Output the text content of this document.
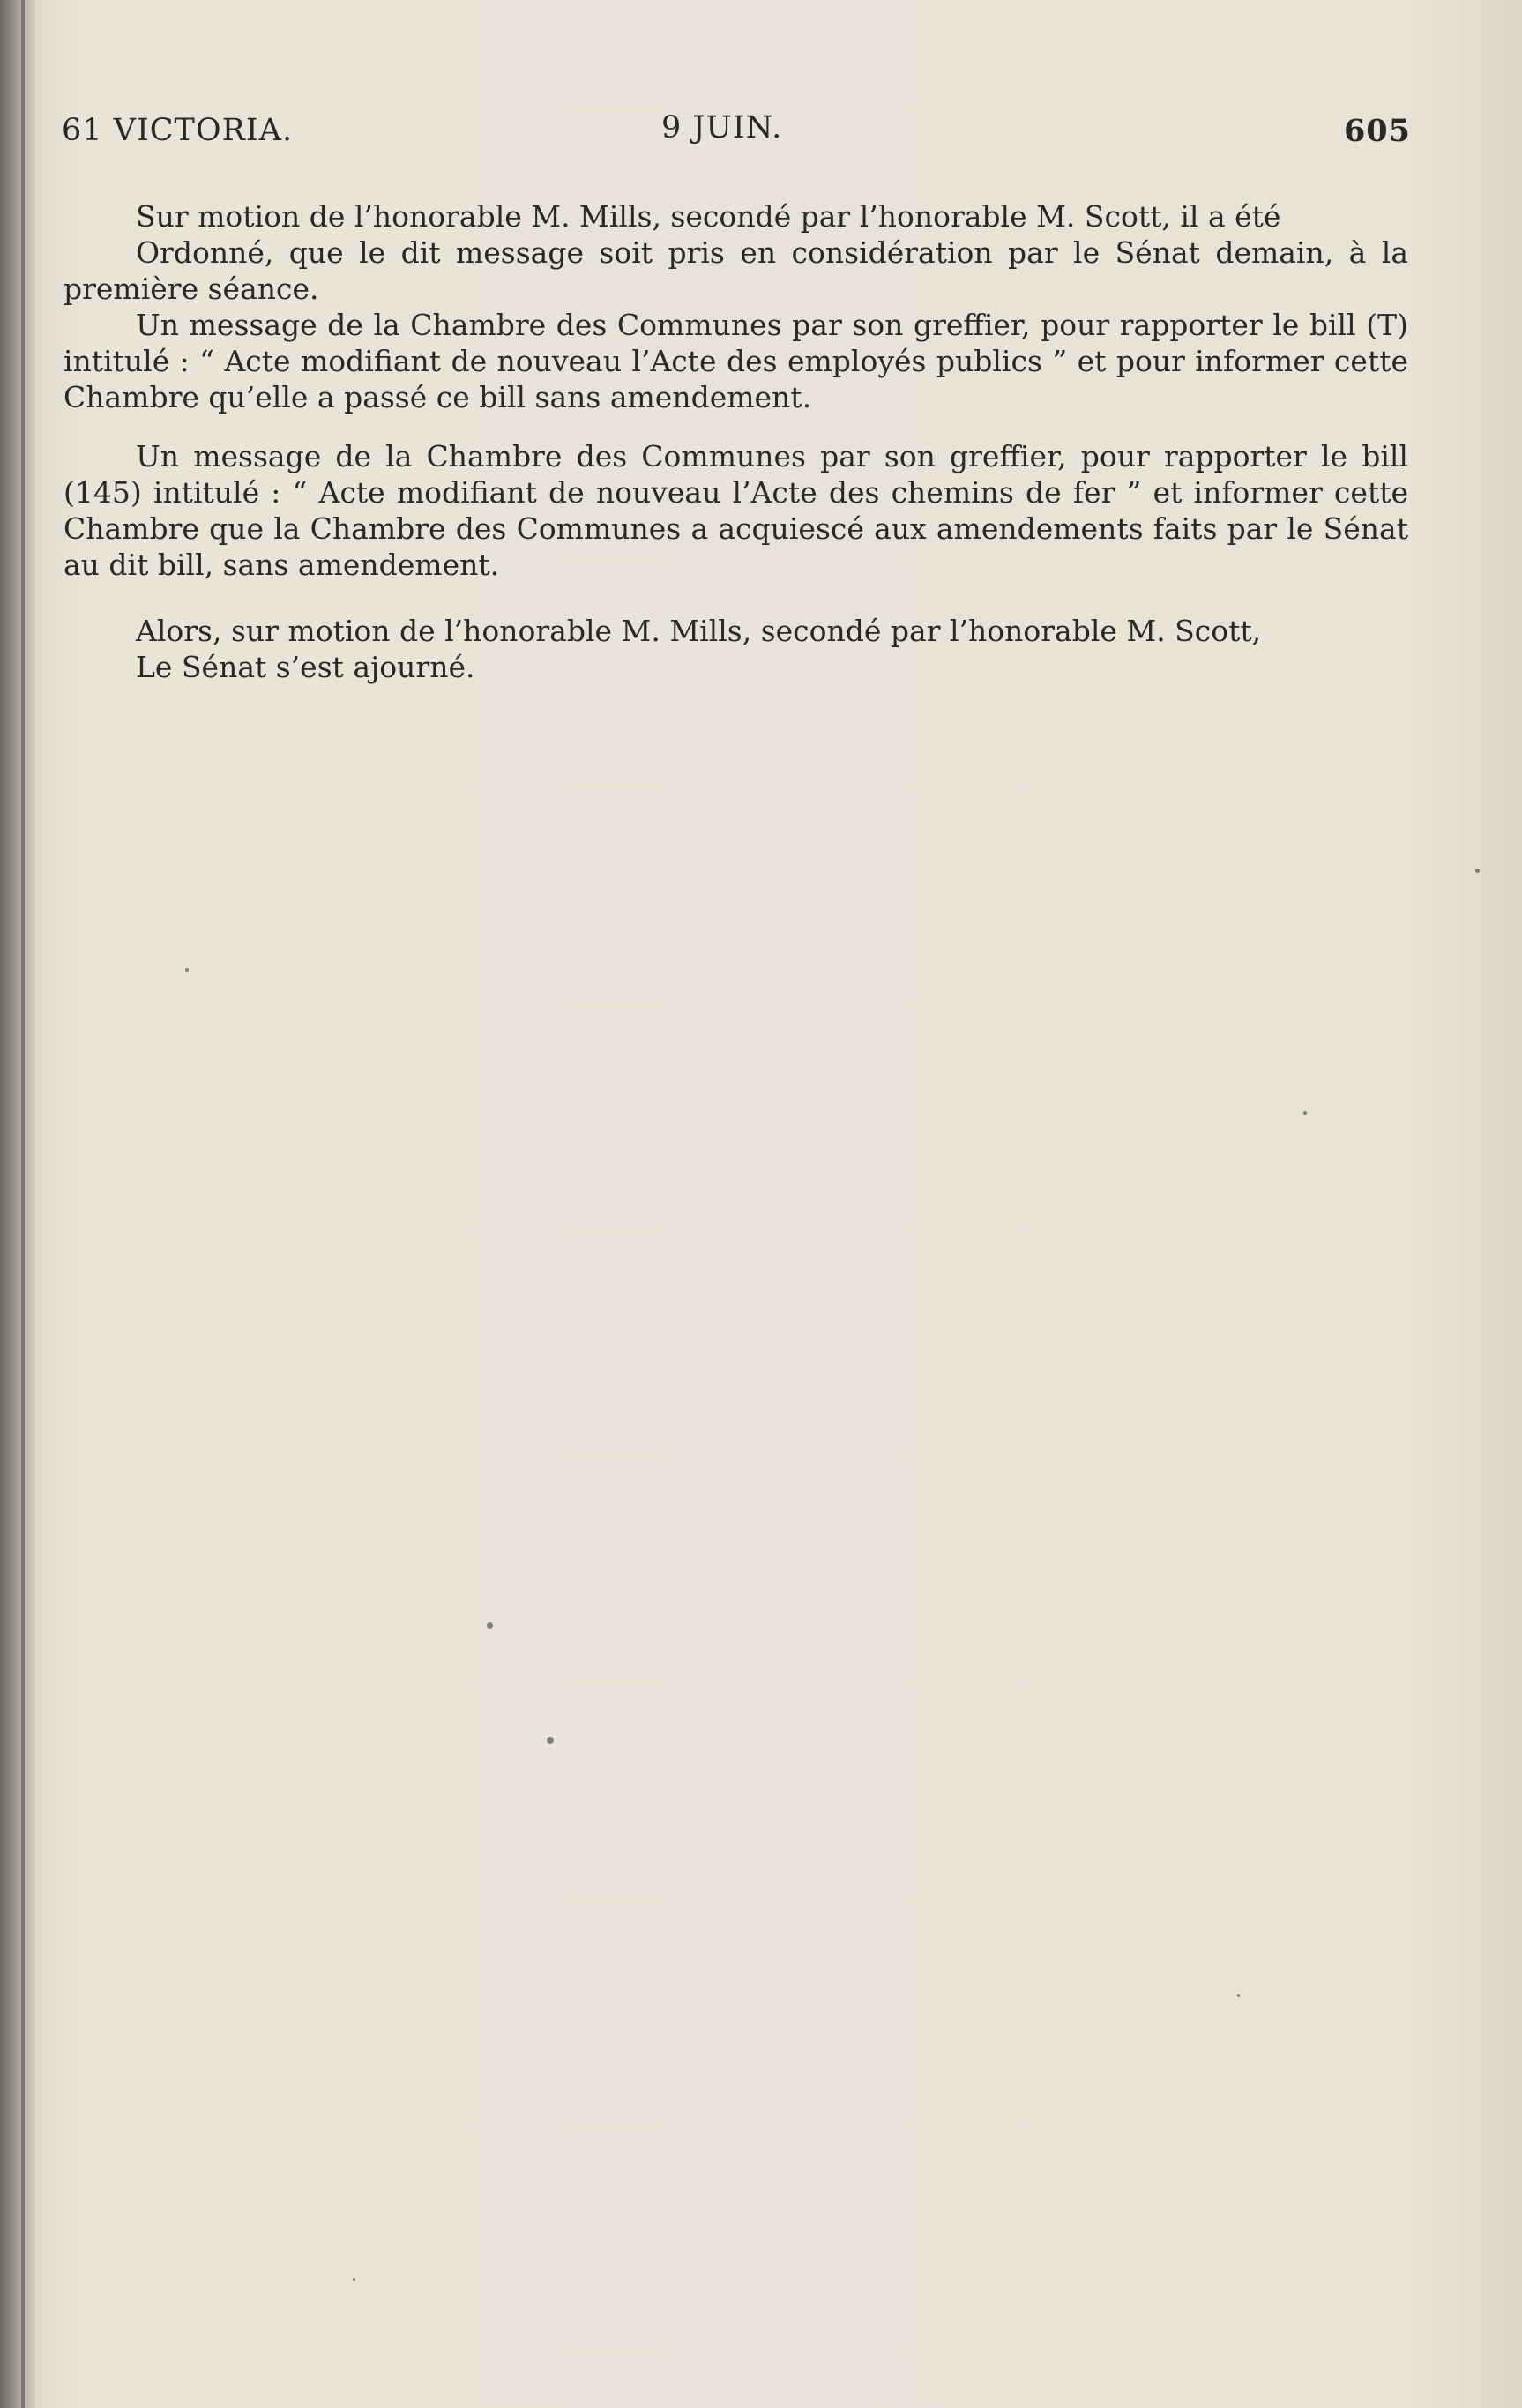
61 VICTORIA.	9 JUIN.	605

Sur motion de l’honorable M. Mills, secondé par l’honorable M. Scott, il a été

Ordonné, que le dit message soit pris en considération par le Sénat demain, à la première séance.

Un message de la Chambre des Communes par son greffier, pour rapporter le bill (T) intitulé : “ Acte modifiant de nouveau l’Acte des employés publics ” et pour informer cette Chambre qu’elle a passé ce bill sans amendement.

Un message de la Chambre des Communes par son greffier, pour rapporter le bill (145) intitulé : “ Acte modifiant de nouveau l’Acte des chemins de fer ” et informer cette Chambre que la Chambre des Communes a acquiescé aux amendements faits par le Sénat au dit bill, sans amendement.

Alors, sur motion de l’honorable M. Mills, secondé par l’honorable M. Scott,

Le Sénat s’est ajourné.
